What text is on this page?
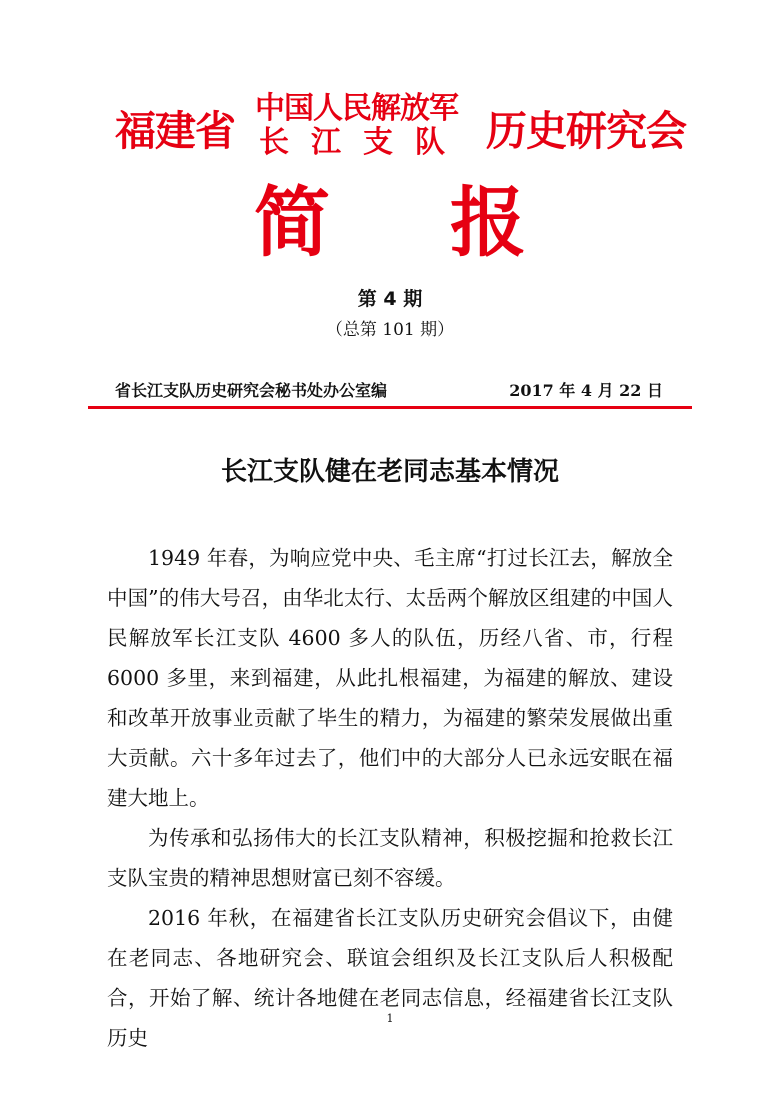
福建省 中国人民解放军
长江支队 历史研究会
简 报
第 4 期
（总第 101 期）
省长江支队历史研究会秘书处办公室编	2017 年 4 月 22 日
长江支队健在老同志基本情况

1949 年春，为响应党中央、毛主席“打过长江去，解放全中国”的伟大号召，由华北太行、太岳两个解放区组建的中国人民解放军长江支队 4600 多人的队伍，历经八省、市，行程 6000 多里，来到福建，从此扎根福建，为福建的解放、建设和改革开放事业贡献了毕生的精力，为福建的繁荣发展做出重大贡献。六十多年过去了，他们中的大部分人已永远安眠在福建大地上。

为传承和弘扬伟大的长江支队精神，积极挖掘和抢救长江支队宝贵的精神思想财富已刻不容缓。

2016 年秋，在福建省长江支队历史研究会倡议下，由健在老同志、各地研究会、联谊会组织及长江支队后人积极配合，开始了解、统计各地健在老同志信息，经福建省长江支队历史

1
